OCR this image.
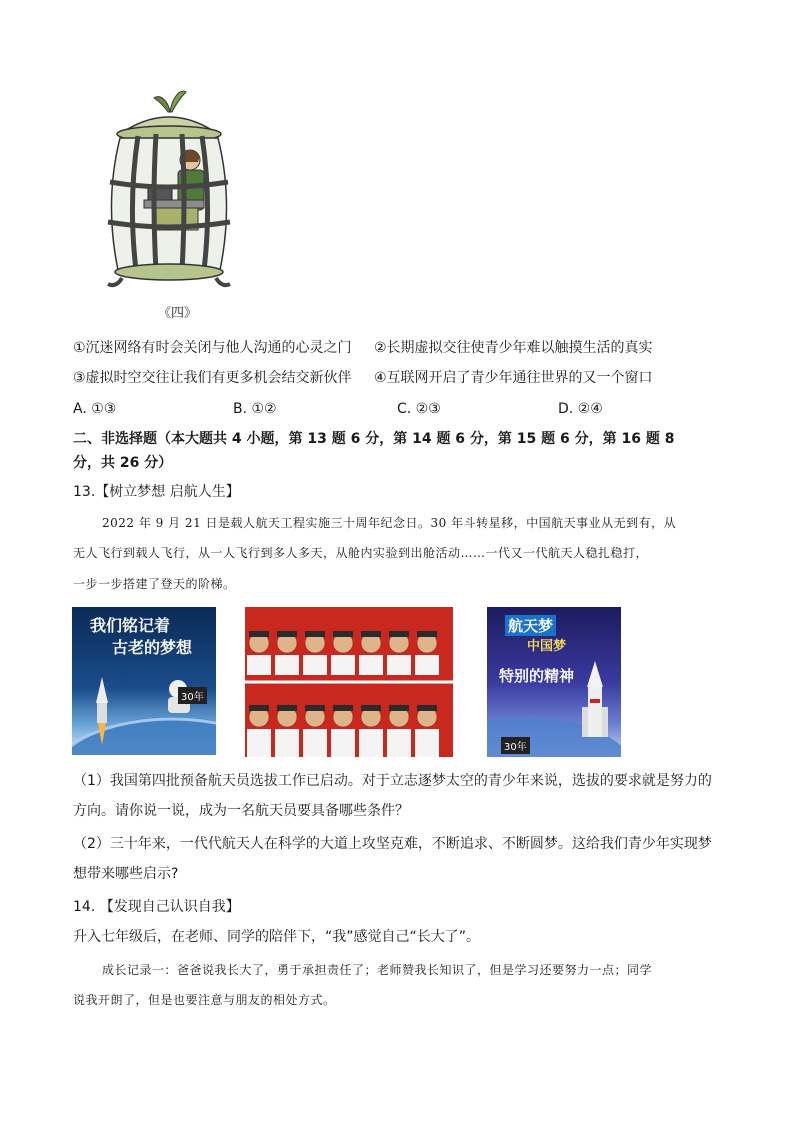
《四》
①沉迷网络有时会关闭与他人沟通的心灵之门 ②长期虚拟交往使青少年难以触摸生活的真实
③虚拟时空交往让我们有更多机会结交新伙伴 ④互联网开启了青少年通往世界的又一个窗口
A. ①③	B. ①②	C. ②③	D. ②④
二、非选择题（本大题共 4 小题，第 13 题 6 分，第 14 题 6 分，第 15 题 6 分，第 16 题 8
分，共 26 分）
13.【树立梦想 启航人生】
2022 年 9 月 21 日是载人航天工程实施三十周年纪念日。30 年斗转星移，中国航天事业从无到有，从
无人飞行到载人飞行，从一人飞行到多人多天，从舱内实验到出舱活动……一代又一代航天人稳扎稳打，
一步一步搭建了登天的阶梯。
我们铭记着
古老的梦想
30年
航天梦
中国梦
特别的精神
30年
（1）我国第四批预备航天员选拔工作已启动。对于立志逐梦太空的青少年来说，选拔的要求就是努力的
方向。请你说一说，成为一名航天员要具备哪些条件？
（2）三十年来，一代代航天人在科学的大道上攻坚克难，不断追求、不断圆梦。这给我们青少年实现梦
想带来哪些启示?
14. 【发现自己认识自我】
升入七年级后，在老师、同学的陪伴下，“我”感觉自己“长大了”。
成长记录一：爸爸说我长大了，勇于承担责任了；老师赞我长知识了，但是学习还要努力一点；同学
说我开朗了，但是也要注意与朋友的相处方式。
